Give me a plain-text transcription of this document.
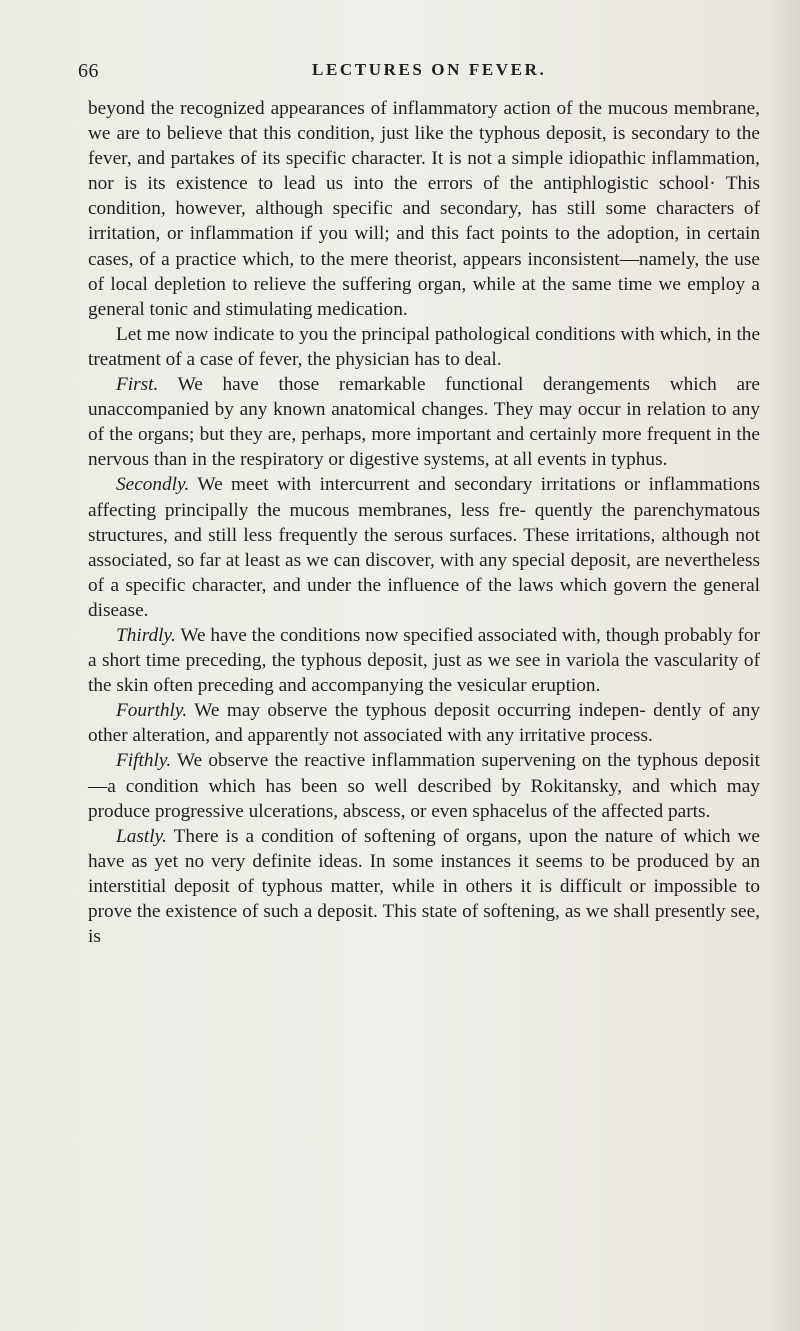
66	LECTURES ON FEVER.

beyond the recognized appearances of inflammatory action of the mucous membrane, we are to believe that this condition, just like the typhous deposit, is secondary to the fever, and partakes of its specific character. It is not a simple idiopathic inflammation, nor is its existence to lead us into the errors of the antiphlogistic school· This condition, however, although specific and secondary, has still some characters of irritation, or inflammation if you will; and this fact points to the adoption, in certain cases, of a practice which, to the mere theorist, appears inconsistent—namely, the use of local depletion to relieve the suffering organ, while at the same time we employ a general tonic and stimulating medication.

Let me now indicate to you the principal pathological conditions with which, in the treatment of a case of fever, the physician has to deal.

First. We have those remarkable functional derangements which are unaccompanied by any known anatomical changes. They may occur in relation to any of the organs; but they are, perhaps, more important and certainly more frequent in the nervous than in the respiratory or digestive systems, at all events in typhus.

Secondly. We meet with intercurrent and secondary irritations or inflammations affecting principally the mucous membranes, less fre- quently the parenchymatous structures, and still less frequently the serous surfaces. These irritations, although not associated, so far at least as we can discover, with any special deposit, are nevertheless of a specific character, and under the influence of the laws which govern the general disease.

Thirdly. We have the conditions now specified associated with, though probably for a short time preceding, the typhous deposit, just as we see in variola the vascularity of the skin often preceding and accompanying the vesicular eruption.

Fourthly. We may observe the typhous deposit occurring indepen- dently of any other alteration, and apparently not associated with any irritative process.

Fifthly. We observe the reactive inflammation supervening on the typhous deposit—a condition which has been so well described by Rokitansky, and which may produce progressive ulcerations, abscess, or even sphacelus of the affected parts.

Lastly. There is a condition of softening of organs, upon the nature of which we have as yet no very definite ideas. In some instances it seems to be produced by an interstitial deposit of typhous matter, while in others it is difficult or impossible to prove the existence of such a deposit. This state of softening, as we shall presently see, is
